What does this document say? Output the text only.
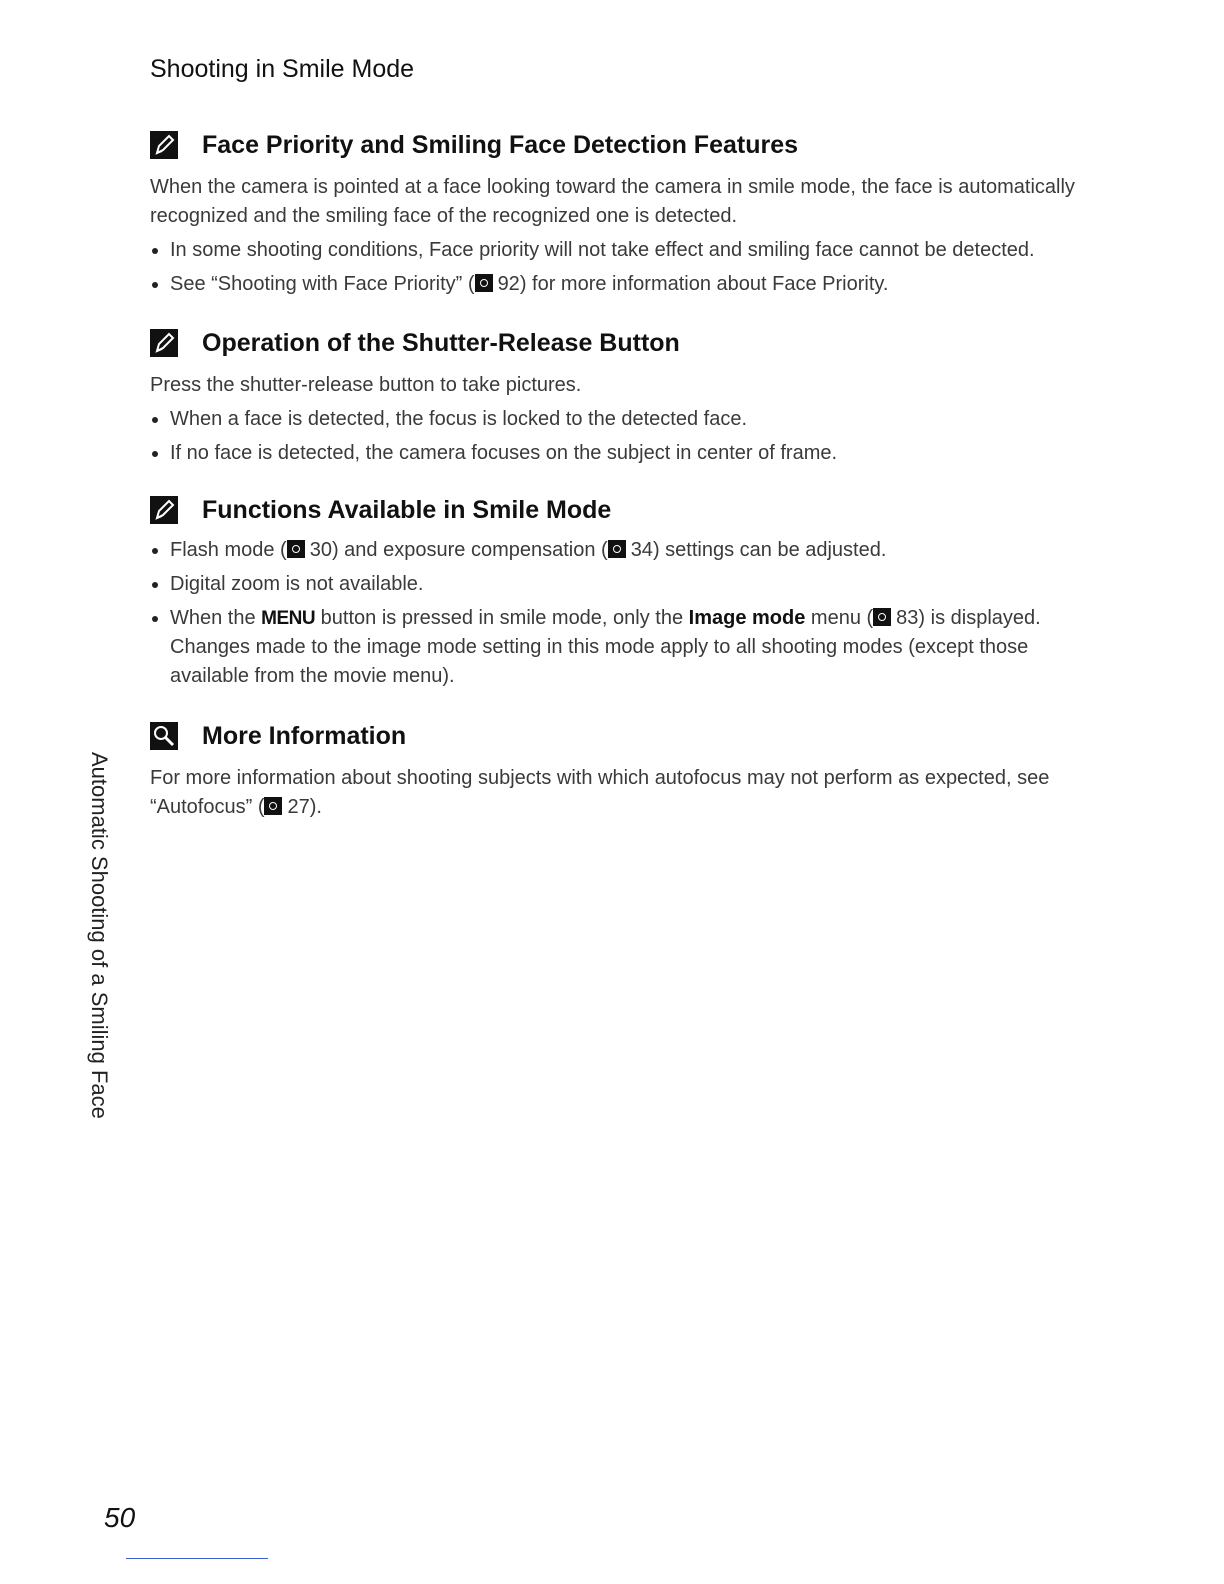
Shooting in Smile Mode
Face Priority and Smiling Face Detection Features

When the camera is pointed at a face looking toward the camera in smile mode, the face is automatically recognized and the smiling face of the recognized one is detected.

In some shooting conditions, Face priority will not take effect and smiling face cannot be detected.
See “Shooting with Face Priority” ( 92) for more information about Face Priority.
Operation of the Shutter-Release Button

Press the shutter-release button to take pictures.

When a face is detected, the focus is locked to the detected face.
If no face is detected, the camera focuses on the subject in center of frame.
Functions Available in Smile Mode
Flash mode ( 30) and exposure compensation ( 34) settings can be adjusted.
Digital zoom is not available.
When the MENU button is pressed in smile mode, only the Image mode menu ( 83) is displayed. Changes made to the image mode setting in this mode apply to all shooting modes (except those available from the movie menu).
More Information

For more information about shooting subjects with which autofocus may not perform as expected, see “Autofocus” ( 27).

Automatic Shooting of a Smiling Face
50
